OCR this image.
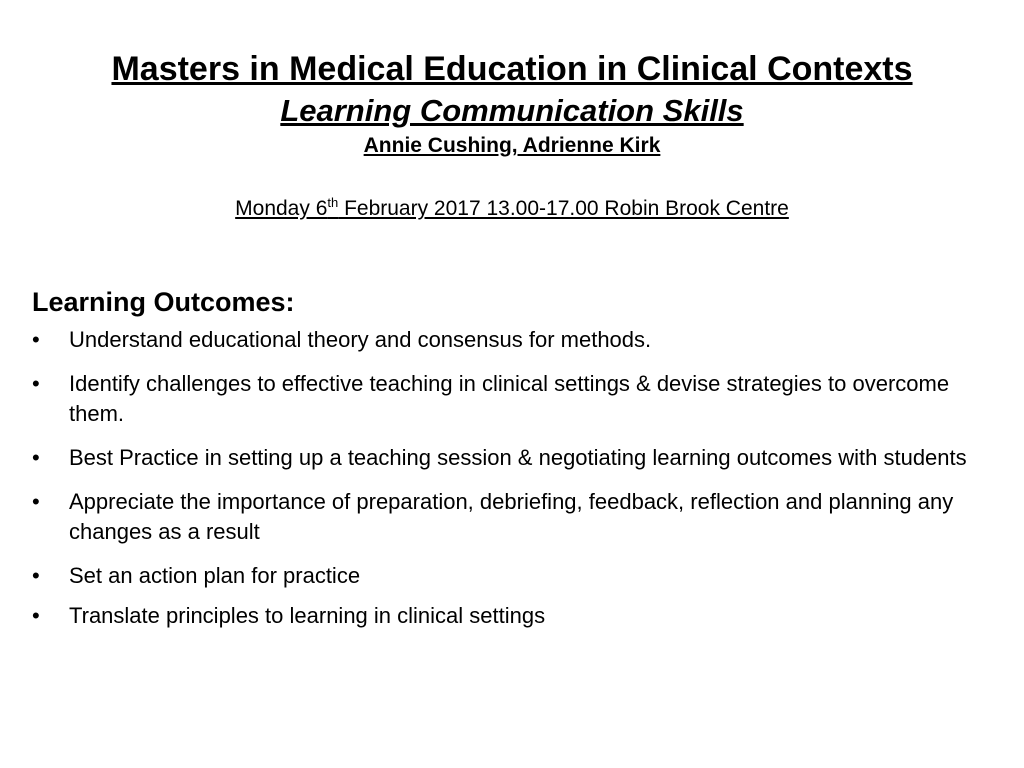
Masters in Medical Education in Clinical Contexts
Learning Communication Skills

Annie Cushing, Adrienne Kirk

Monday 6th February 2017 13.00-17.00 Robin Brook Centre

Learning Outcomes:
•	Understand educational theory and consensus for methods.
•	Identify challenges to effective teaching in clinical settings & devise strategies to overcome them.
•	Best Practice in setting up a teaching session & negotiating learning outcomes with students
•	Appreciate the importance of preparation, debriefing, feedback, reflection and planning any changes as a result
•	Set an action plan for practice
•	Translate principles to learning in clinical settings
